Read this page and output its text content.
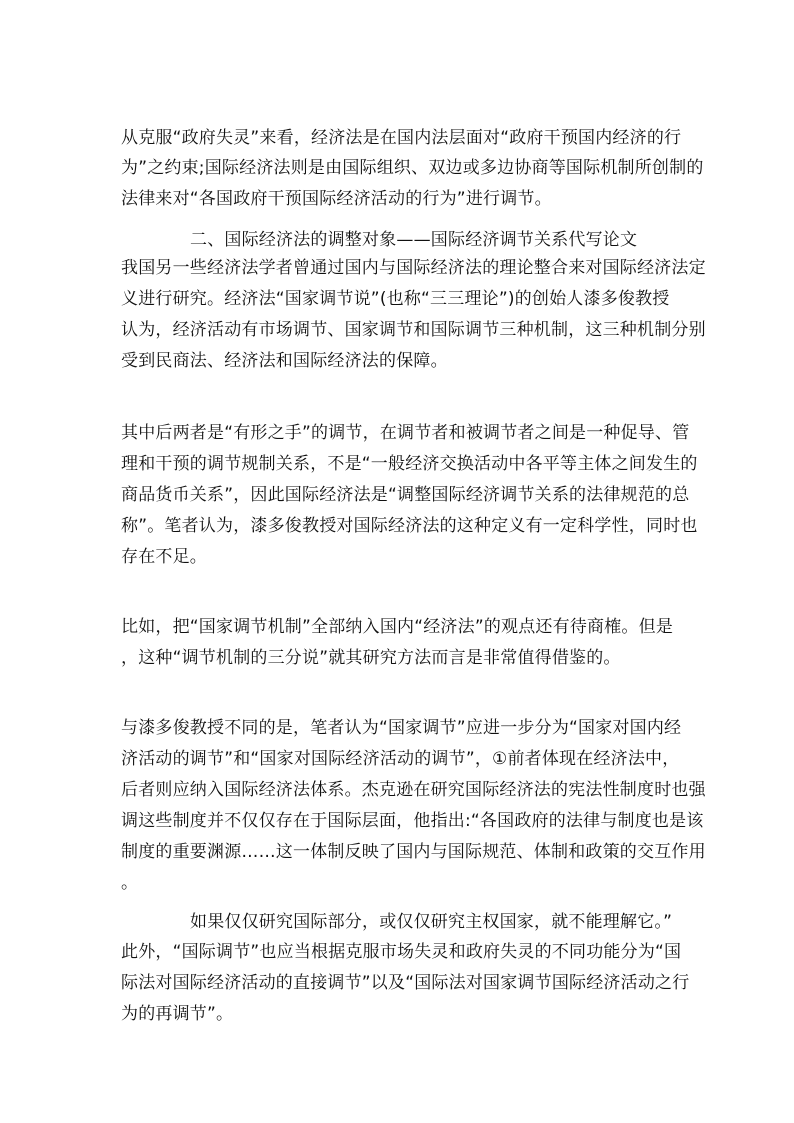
从克服“政府失灵”来看，经济法是在国内法层面对“政府干预国内经济的行
为”之约束;国际经济法则是由国际组织、双边或多边协商等国际机制所创制的
法律来对“各国政府干预国际经济活动的行为”进行调节。
二、国际经济法的调整对象——国际经济调节关系代写论文
我国另一些经济法学者曾通过国内与国际经济法的理论整合来对国际经济法定
义进行研究。经济法“国家调节说”(也称“三三理论”)的创始人漆多俊教授
认为，经济活动有市场调节、国家调节和国际调节三种机制，这三种机制分别
受到民商法、经济法和国际经济法的保障。
其中后两者是“有形之手”的调节，在调节者和被调节者之间是一种促导、管
理和干预的调节规制关系，不是“一般经济交换活动中各平等主体之间发生的
商品货币关系”，因此国际经济法是“调整国际经济调节关系的法律规范的总
称”。笔者认为，漆多俊教授对国际经济法的这种定义有一定科学性，同时也
存在不足。
比如，把“国家调节机制”全部纳入国内“经济法”的观点还有待商榷。但是
，这种“调节机制的三分说”就其研究方法而言是非常值得借鉴的。
与漆多俊教授不同的是，笔者认为“国家调节”应进一步分为“国家对国内经
济活动的调节”和“国家对国际经济活动的调节”，①前者体现在经济法中，
后者则应纳入国际经济法体系。杰克逊在研究国际经济法的宪法性制度时也强
调这些制度并不仅仅存在于国际层面，他指出:“各国政府的法律与制度也是该
制度的重要渊源……这一体制反映了国内与国际规范、体制和政策的交互作用
。
如果仅仅研究国际部分，或仅仅研究主权国家，就不能理解它。”
此外，“国际调节”也应当根据克服市场失灵和政府失灵的不同功能分为“国
际法对国际经济活动的直接调节”以及“国际法对国家调节国际经济活动之行
为的再调节”。
